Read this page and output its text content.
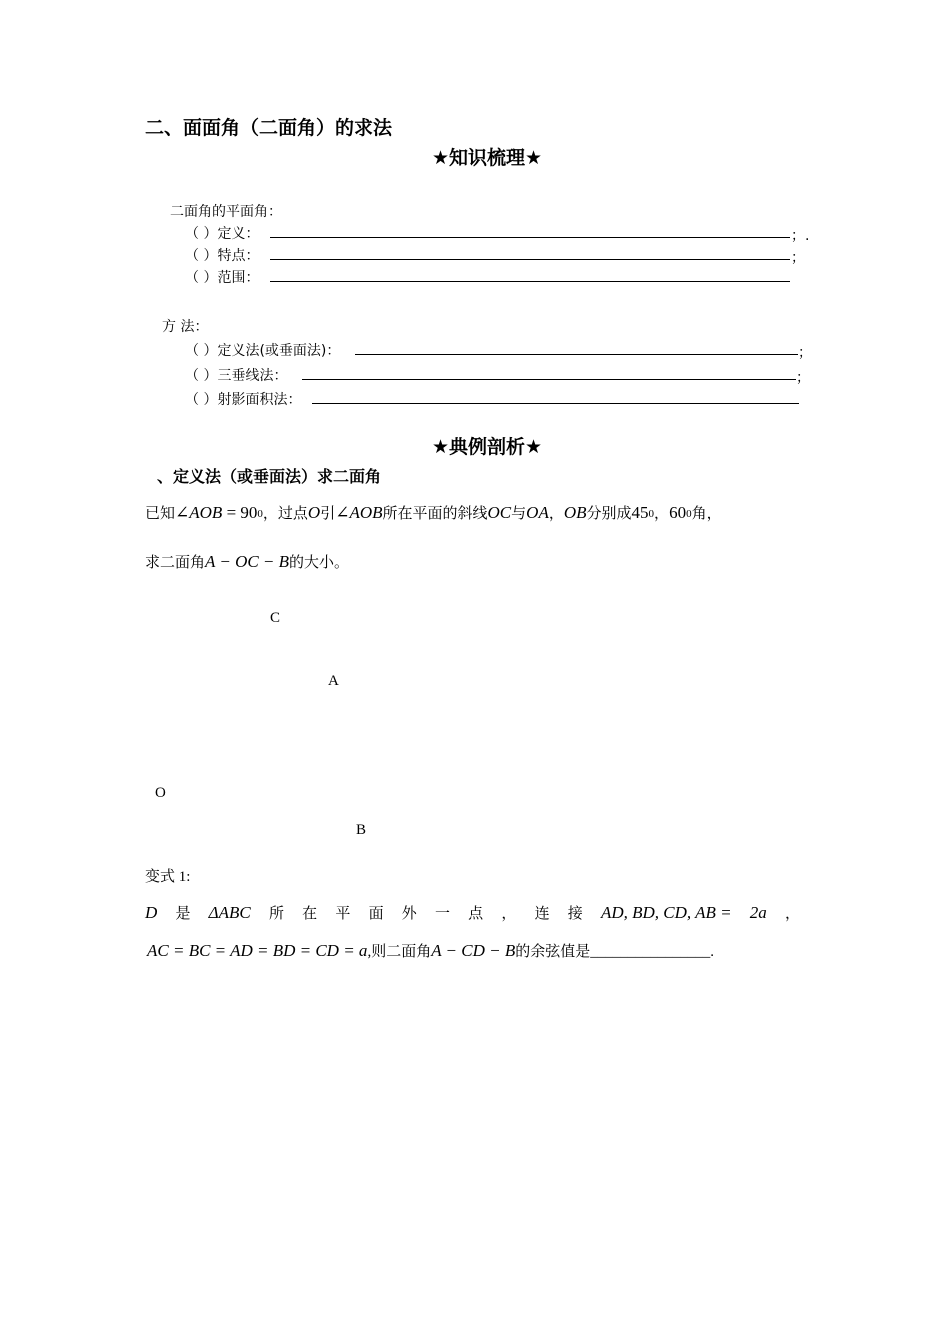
二、面面角（二面角）的求法
★知识梳理★
二面角的平面角：
（ ）定义：	；.
（ ）特点：	；
（ ）范围：
方 法：
（ ）定义法(或垂面法)：	；
（ ）三垂线法：	；
（ ）射影面积法：
★典例剖析★
、定义法（或垂面法）求二面角
已知∠AOB = 900，过点O引∠AOB所在平面的斜线OC与OA，OB分别成450，600角，
求二面角A − OC − B的大小。
C
A
O
B
变式 1:
D 是 ΔABC 所 在 平 面 外 一 点 ， 连 接 AD, BD, CD, AB = 2a ，
AC = BC = AD = BD = CD = a,则二面角A − CD − B的余弦值是________________.
